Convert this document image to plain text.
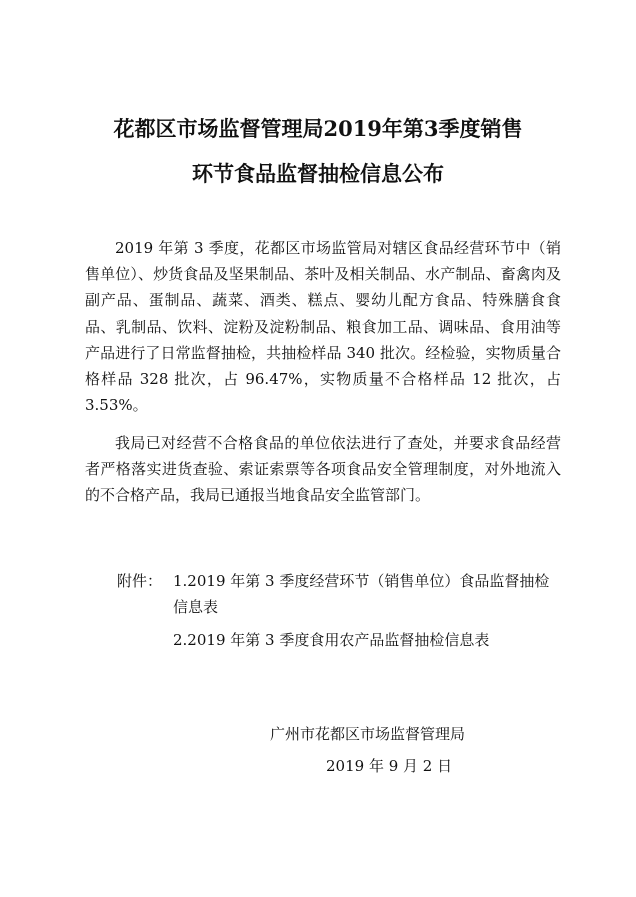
花都区市场监督管理局2019年第3季度销售
环节食品监督抽检信息公布

2019 年第 3 季度，花都区市场监管局对辖区食品经营环节中（销售单位）、炒货食品及坚果制品、茶叶及相关制品、水产制品、畜禽肉及副产品、蛋制品、蔬菜、酒类、糕点、婴幼儿配方食品、特殊膳食食品、乳制品、饮料、淀粉及淀粉制品、粮食加工品、调味品、食用油等产品进行了日常监督抽检，共抽检样品 340 批次。经检验，实物质量合格样品 328 批次，占 96.47%，实物质量不合格样品 12 批次，占 3.53%。

我局已对经营不合格食品的单位依法进行了查处，并要求食品经营者严格落实进货查验、索证索票等各项食品安全管理制度，对外地流入的不合格产品，我局已通报当地食品安全监管部门。

附件： 1.2019 年第 3 季度经营环节（销售单位）食品监督抽检信息表
2.2019 年第 3 季度食用农产品监督抽检信息表
广州市花都区市场监督管理局
2019 年 9 月 2 日
